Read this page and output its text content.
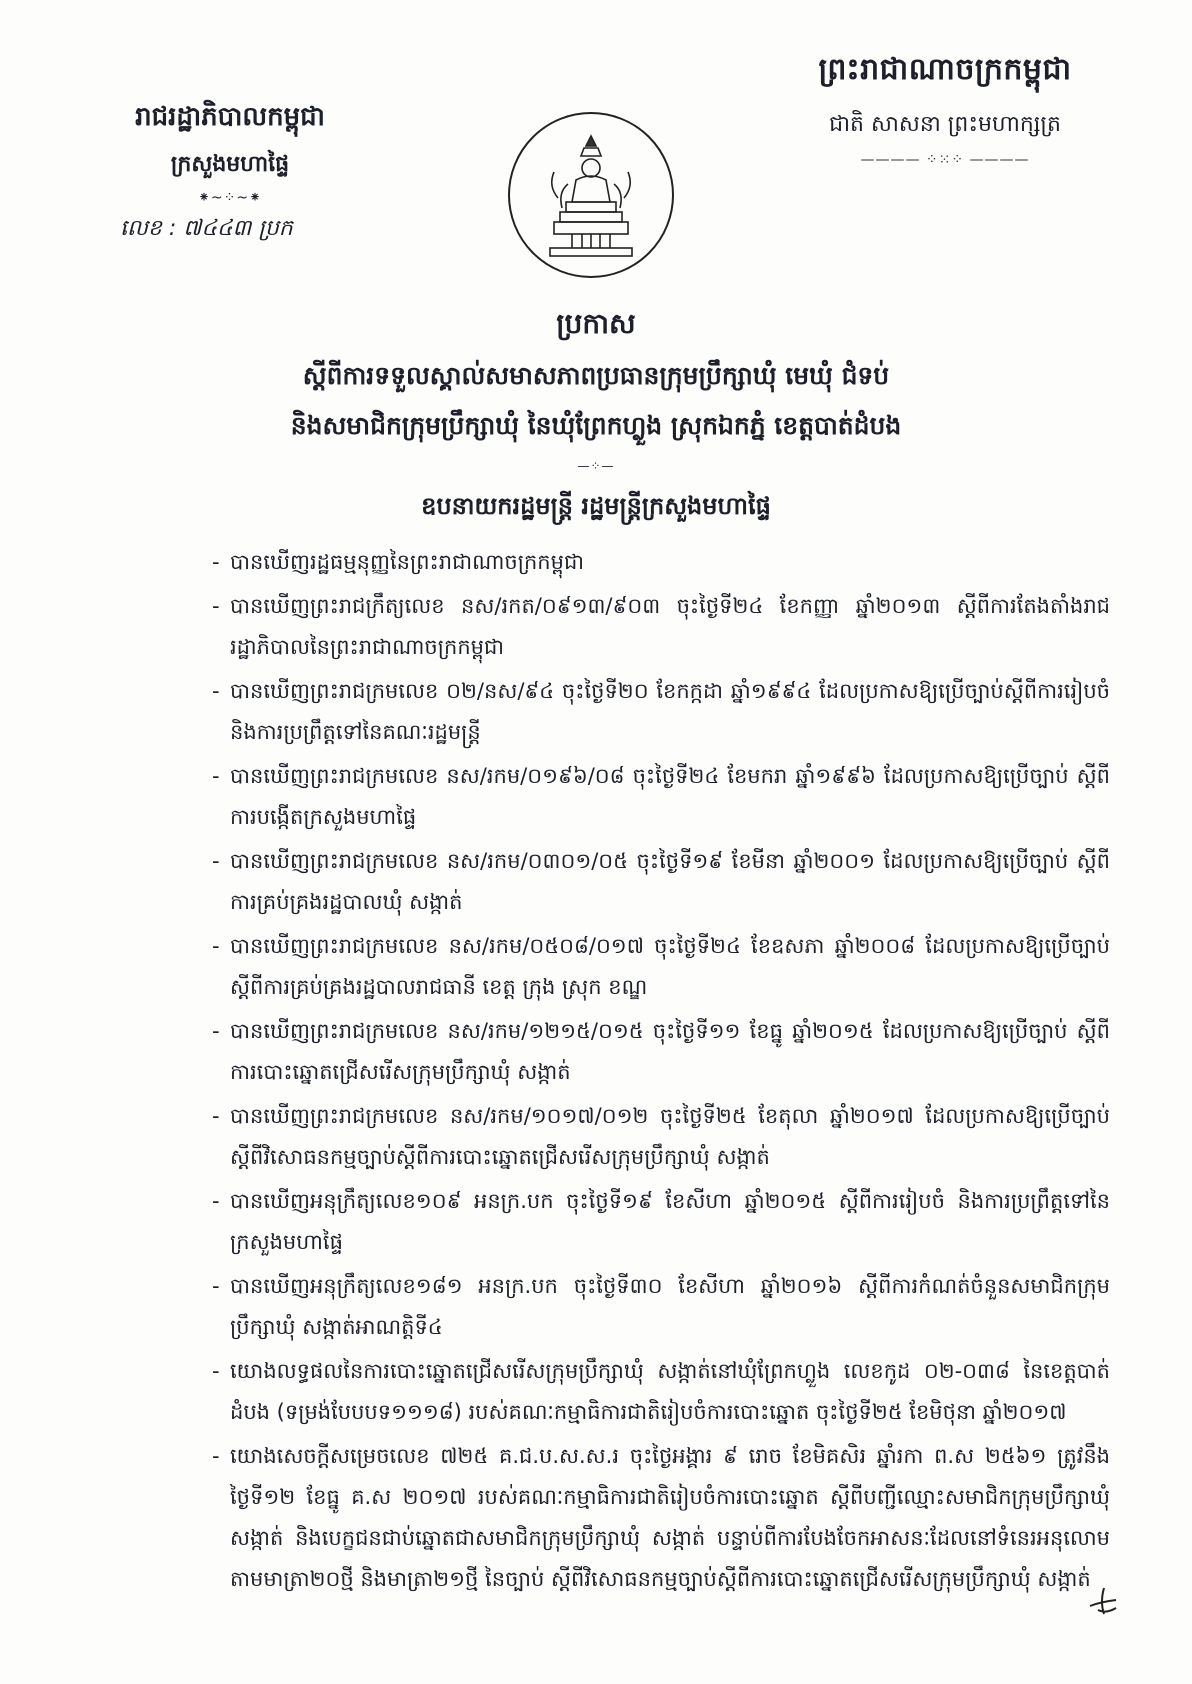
ព្រះរាជាណាចក្រកម្ពុជា
ជាតិ សាសនា ព្រះមហាក្សត្រ
———— ⁘⁙⁘ ————
រាជរដ្ឋាភិបាលកម្ពុជា
ក្រសួងមហាផ្ទៃ
⁕~⁘~⁕
លេខ : ៧៤៤៣ ប្រក
ប្រកាស
ស្ដីពីការទទួលស្គាល់សមាសភាពប្រធានក្រុមប្រឹក្សាឃុំ មេឃុំ ជំទប់
និងសមាជិកក្រុមប្រឹក្សាឃុំ នៃឃុំព្រែកហ្លួង ស្រុកឯកភ្នំ ខេត្តបាត់ដំបង
—⁘—
ឧបនាយករដ្ឋមន្ត្រី រដ្ឋមន្ត្រីក្រសួងមហាផ្ទៃ
- បានឃើញរដ្ឋធម្មនុញ្ញនៃព្រះរាជាណាចក្រកម្ពុជា
- បានឃើញព្រះរាជក្រឹត្យលេខ នស/រកត/០៩១៣/៩០៣ ចុះថ្ងៃទី២៤ ខែកញ្ញា ឆ្នាំ២០១៣ ស្ដីពីការតែងតាំងរាជរដ្ឋាភិបាលនៃព្រះរាជាណាចក្រកម្ពុជា
- បានឃើញព្រះរាជក្រមលេខ ០២/នស/៩៤ ចុះថ្ងៃទី២០ ខែកក្កដា ឆ្នាំ១៩៩៤ ដែលប្រកាសឱ្យប្រើច្បាប់ស្ដីពីការរៀបចំ និងការប្រព្រឹត្តទៅនៃគណៈរដ្ឋមន្ត្រី
- បានឃើញព្រះរាជក្រមលេខ នស/រកម/០១៩៦/០៨ ចុះថ្ងៃទី២៤ ខែមករា ឆ្នាំ១៩៩៦ ដែលប្រកាសឱ្យប្រើច្បាប់ ស្ដីពីការបង្កើតក្រសួងមហាផ្ទៃ
- បានឃើញព្រះរាជក្រមលេខ នស/រកម/០៣០១/០៥ ចុះថ្ងៃទី១៩ ខែមីនា ឆ្នាំ២០០១ ដែលប្រកាសឱ្យប្រើច្បាប់ ស្ដីពីការគ្រប់គ្រងរដ្ឋបាលឃុំ សង្កាត់
- បានឃើញព្រះរាជក្រមលេខ នស/រកម/០៥០៨/០១៧ ចុះថ្ងៃទី២៤ ខែឧសភា ឆ្នាំ២០០៨ ដែលប្រកាសឱ្យប្រើច្បាប់ ស្ដីពីការគ្រប់គ្រងរដ្ឋបាលរាជធានី ខេត្ត ក្រុង ស្រុក ខណ្ឌ
- បានឃើញព្រះរាជក្រមលេខ នស/រកម/១២១៥/០១៥ ចុះថ្ងៃទី១១ ខែធ្នូ ឆ្នាំ២០១៥ ដែលប្រកាសឱ្យប្រើច្បាប់ ស្ដីពីការបោះឆ្នោតជ្រើសរើសក្រុមប្រឹក្សាឃុំ សង្កាត់
- បានឃើញព្រះរាជក្រមលេខ នស/រកម/១០១៧/០១២ ចុះថ្ងៃទី២៥ ខែតុលា ឆ្នាំ២០១៧ ដែលប្រកាសឱ្យប្រើច្បាប់ ស្ដីពីវិសោធនកម្មច្បាប់ស្ដីពីការបោះឆ្នោតជ្រើសរើសក្រុមប្រឹក្សាឃុំ សង្កាត់
- បានឃើញអនុក្រឹត្យលេខ១០៩ អនក្រ.បក ចុះថ្ងៃទី១៩ ខែសីហា ឆ្នាំ២០១៥ ស្ដីពីការរៀបចំ និងការប្រព្រឹត្តទៅនៃក្រសួងមហាផ្ទៃ
- បានឃើញអនុក្រឹត្យលេខ១៨១ អនក្រ.បក ចុះថ្ងៃទី៣០ ខែសីហា ឆ្នាំ២០១៦ ស្ដីពីការកំណត់ចំនួនសមាជិកក្រុមប្រឹក្សាឃុំ សង្កាត់អាណត្តិទី៤
- យោងលទ្ធផលនៃការបោះឆ្នោតជ្រើសរើសក្រុមប្រឹក្សាឃុំ សង្កាត់នៅឃុំព្រែកហ្លួង លេខកូដ ០២-០៣៨ នៃខេត្តបាត់ដំបង (ទម្រង់បែបបទ១១១៨) របស់គណៈកម្មាធិការជាតិរៀបចំការបោះឆ្នោត ចុះថ្ងៃទី២៥ ខែមិថុនា ឆ្នាំ២០១៧
- យោងសេចក្ដីសម្រេចលេខ ៧២៥ គ.ជ.ប.ស.ស.រ ចុះថ្ងៃអង្គារ ៩ រោច ខែមិគសិរ ឆ្នាំរកា ព.ស ២៥៦១ ត្រូវនឹងថ្ងៃទី១២ ខែធ្នូ គ.ស ២០១៧ របស់គណៈកម្មាធិការជាតិរៀបចំការបោះឆ្នោត ស្ដីពីបញ្ជីឈ្មោះសមាជិកក្រុមប្រឹក្សាឃុំ សង្កាត់ និងបេក្ខជនជាប់ឆ្នោតជាសមាជិកក្រុមប្រឹក្សាឃុំ សង្កាត់ បន្ទាប់ពីការបែងចែកអាសនៈដែលនៅទំនេរអនុលោមតាមមាត្រា២០ថ្មី និងមាត្រា២១ថ្មី នៃច្បាប់ ស្ដីពីវិសោធនកម្មច្បាប់ស្ដីពីការបោះឆ្នោតជ្រើសរើសក្រុមប្រឹក្សាឃុំ សង្កាត់
